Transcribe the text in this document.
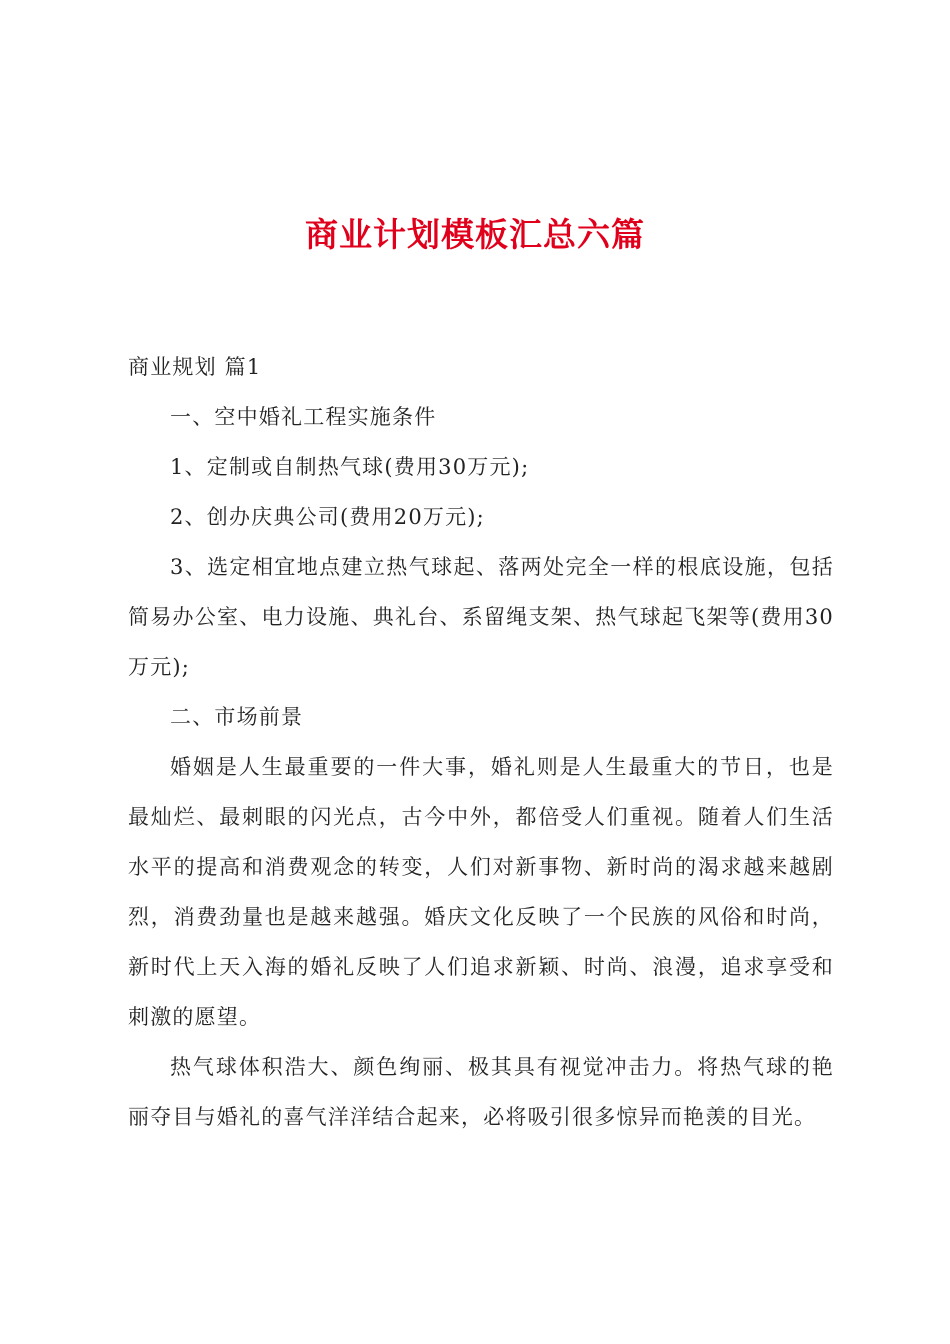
商业计划模板汇总六篇

商业规划 篇1

一、空中婚礼工程实施条件

1、定制或自制热气球(费用30万元);

2、创办庆典公司(费用20万元);

3、选定相宜地点建立热气球起、落两处完全一样的根底设施，包括简易办公室、电力设施、典礼台、系留绳支架、热气球起飞架等(费用30万元);

二、市场前景

婚姻是人生最重要的一件大事，婚礼则是人生最重大的节日，也是最灿烂、最刺眼的闪光点，古今中外，都倍受人们重视。随着人们生活水平的提高和消费观念的转变，人们对新事物、新时尚的渴求越来越剧烈，消费劲量也是越来越强。婚庆文化反映了一个民族的风俗和时尚，新时代上天入海的婚礼反映了人们追求新颖、时尚、浪漫，追求享受和刺激的愿望。

热气球体积浩大、颜色绚丽、极其具有视觉冲击力。将热气球的艳丽夺目与婚礼的喜气洋洋结合起来，必将吸引很多惊异而艳羡的目光。
